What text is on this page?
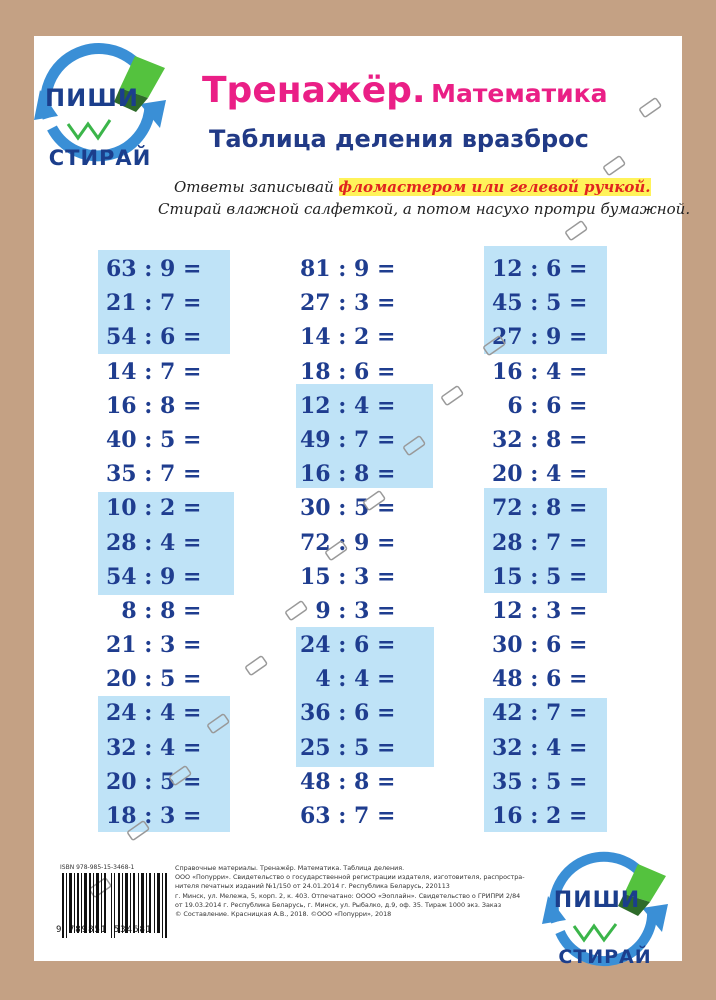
ПИШИ
СТИРАЙ
Тренажёр. Математика
Таблица деления вразброс
Ответы записывай фломастером или гелевой ручкой.
Стирай влажной салфеткой, а потом насухо протри бумажной.
63 : 9 =
21 : 7 =
54 : 6 =
14 : 7 =
16 : 8 =
40 : 5 =
35 : 7 =
10 : 2 =
28 : 4 =
54 : 9 =
8 : 8 =
21 : 3 =
20 : 5 =
24 : 4 =
32 : 4 =
20 : 5 =
18 : 3 =
81 : 9 =
27 : 3 =
14 : 2 =
18 : 6 =
12 : 4 =
49 : 7 =
16 : 8 =
30 : 5 =
72 : 9 =
15 : 3 =
9 : 3 =
24 : 6 =
4 : 4 =
36 : 6 =
25 : 5 =
48 : 8 =
63 : 7 =
12 : 6 =
45 : 5 =
27 : 9 =
16 : 4 =
6 : 6 =
32 : 8 =
20 : 4 =
72 : 8 =
28 : 7 =
15 : 5 =
12 : 3 =
30 : 6 =
48 : 6 =
42 : 7 =
32 : 4 =
35 : 5 =
16 : 2 =
ISBN 978-985-15-3468-1
9 789851 534681
Справочные материалы. Тренажёр. Математика. Таблица деления.
ООО «Попурри». Свидетельство о государственной регистрации издателя, изготовителя, распростра-
нителя печатных изданий №1/150 от 24.01.2014 г. Республика Беларусь, 220113
г. Минск, ул. Мележа, 5, корп. 2, к. 403. Отпечатано: ОООО «Эоплайн». Свидетельство о ГРИПРИ 2/84
от 19.03.2014 г. Республика Беларусь, г. Минск, ул. Рыбалко, д.9, оф. 35. Тираж 1000 экз. Заказ
© Составление. Красницкая А.В., 2018. ©ООО «Попурри», 2018
ПИШИ
СТИРАЙ
